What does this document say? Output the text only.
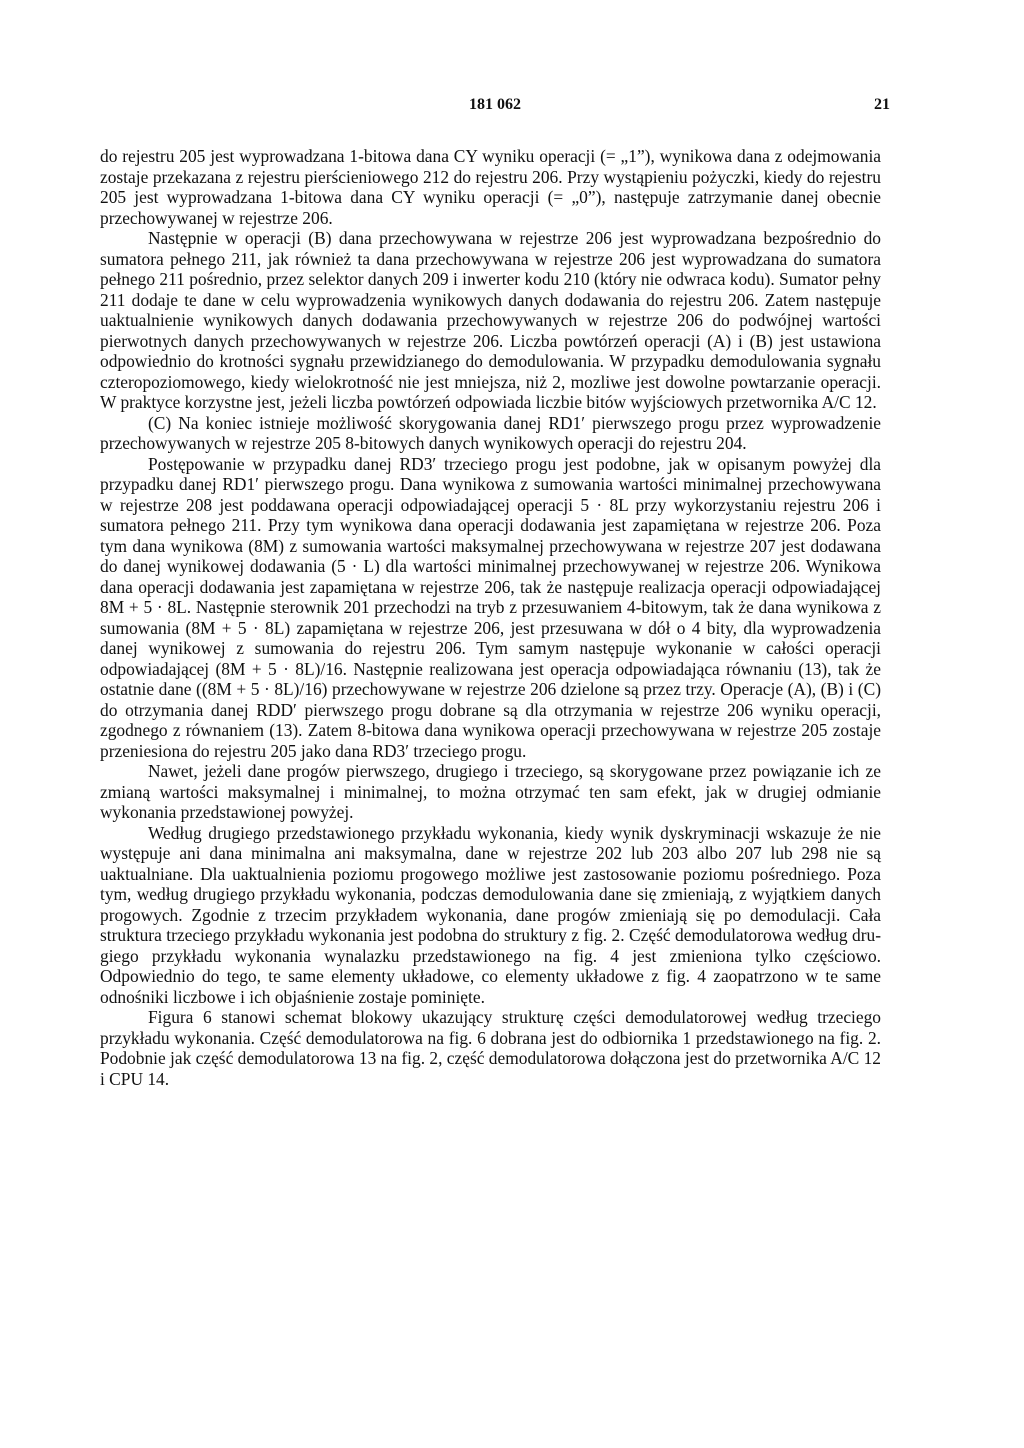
181 062	21

do rejestru 205 jest wyprowadzana 1-bitowa dana CY wyniku operacji (= „1”), wynikowa dana z odejmowania zostaje przekazana z rejestru pierścieniowego 212 do rejestru 206. Przy wystąpieniu pożyczki, kiedy do rejestru 205 jest wyprowadzana 1-bitowa dana CY wyniku operacji (= „0”), następuje zatrzymanie danej obecnie przechowywanej w rejestrze 206.

Następnie w operacji (B) dana przechowywana w rejestrze 206 jest wyprowadzana bezpośrednio do sumatora pełnego 211, jak również ta dana przechowywana w rejestrze 206 jest wyprowadzana do sumatora pełnego 211 pośrednio, przez selektor danych 209 i inwerter kodu 210 (który nie odwraca kodu). Sumator pełny 211 dodaje te dane w celu wyprowadzenia wynikowych danych dodawania do rejestru 206. Zatem następuje uaktualnienie wynikowych danych dodawania przechowywanych w rejestrze 206 do podwójnej wartości pierwotnych danych przechowywanych w rejestrze 206. Liczba powtórzeń operacji (A) i (B) jest ustawiona odpowiednio do krotności sygnału przewidzianego do demodulowania. W przypadku demodulowania sygnału czteropoziomowego, kiedy wielokrotność nie jest mniejsza, niż 2, mozliwe jest dowolne powtarzanie operacji. W praktyce korzystne jest, jeżeli liczba powtórzeń odpowiada liczbie bitów wyjściowych przetwornika A/C 12.

(C) Na koniec istnieje możliwość skorygowania danej RD1′ pierwszego progu przez wyprowadzenie przechowywanych w rejestrze 205 8-bitowych danych wynikowych operacji do rejestru 204.

Postępowanie w przypadku danej RD3′ trzeciego progu jest podobne, jak w opisanym powyżej dla przypadku danej RD1′ pierwszego progu. Dana wynikowa z sumowania wartości minimalnej przechowywana w rejestrze 208 jest poddawana operacji odpowiadającej operacji 5 · 8L przy wykorzystaniu rejestru 206 i sumatora pełnego 211. Przy tym wynikowa dana operacji dodawania jest zapamiętana w rejestrze 206. Poza tym dana wynikowa (8M) z sumowania wartości maksymalnej przechowywana w rejestrze 207 jest dodawana do danej wynikowej dodawania (5 · L) dla wartości minimalnej przechowywanej w rejestrze 206. Wynikowa dana operacji dodawania jest zapamiętana w rejestrze 206, tak że następuje realizacja operacji odpowiadającej 8M + 5 · 8L. Następnie sterownik 201 przechodzi na tryb z przesuwaniem 4-bitowym, tak że dana wynikowa z sumowania (8M + 5 · 8L) zapamiętana w rejestrze 206, jest przesuwana w dół o 4 bity, dla wyprowadzenia danej wynikowej z sumowania do rejestru 206. Tym samym następuje wykonanie w całości operacji odpowiadającej (8M + 5 · 8L)/16. Następnie realizowana jest operacja odpowiadająca równaniu (13), tak że ostatnie dane ((8M + 5 · 8L)/16) przechowywane w rejestrze 206 dzielone są przez trzy. Operacje (A), (B) i (C) do otrzymania danej RDD′ pierwszego progu dobrane są dla otrzymania w rejestrze 206 wyniku operacji, zgodnego z równaniem (13). Zatem 8-bitowa dana wynikowa operacji przechowywana w rejestrze 205 zostaje przeniesiona do rejestru 205 jako dana RD3′ trzeciego progu.

Nawet, jeżeli dane progów pierwszego, drugiego i trzeciego, są skorygowane przez powiązanie ich ze zmianą wartości maksymalnej i minimalnej, to można otrzymać ten sam efekt, jak w drugiej odmianie wykonania przedstawionej powyżej.

Według drugiego przedstawionego przykładu wykonania, kiedy wynik dyskryminacji wskazuje że nie występuje ani dana minimalna ani maksymalna, dane w rejestrze 202 lub 203 albo 207 lub 298 nie są uaktualniane. Dla uaktualnienia poziomu progowego możliwe jest zastosowanie poziomu pośredniego. Poza tym, według drugiego przykładu wykonania, podczas demodulowania dane się zmieniają, z wyjątkiem danych progowych. Zgodnie z trzecim przykładem wykonania, dane progów zmieniają się po demodulacji. Cała struktura trzeciego przykładu wykonania jest podobna do struktury z fig. 2. Część demodulatorowa według drugiego przykładu wykonania wynalazku przedstawionego na fig. 4 jest zmieniona tylko częściowo. Odpowiednio do tego, te same elementy układowe, co elementy układowe z fig. 4 zaopatrzono w te same odnośniki liczbowe i ich objaśnienie zostaje pominięte.

Figura 6 stanowi schemat blokowy ukazujący strukturę części demodulatorowej według trzeciego przykładu wykonania. Część demodulatorowa na fig. 6 dobrana jest do odbiornika 1 przedstawionego na fig. 2. Podobnie jak część demodulatorowa 13 na fig. 2, część demodulatorowa dołączona jest do przetwornika A/C 12 i CPU 14.
